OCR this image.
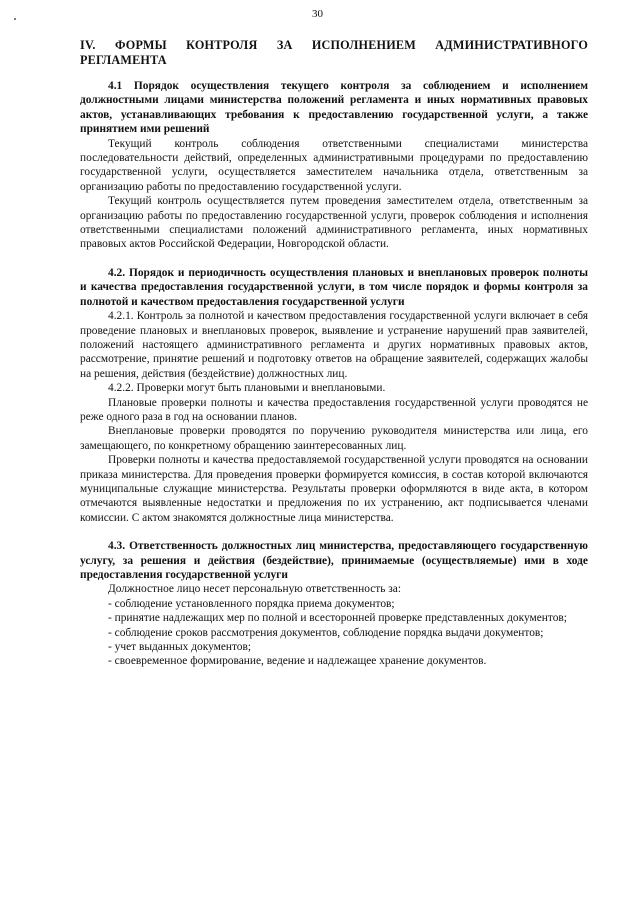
30

IV. ФОРМЫ КОНТРОЛЯ ЗА ИСПОЛНЕНИЕМ АДМИНИСТРАТИВНОГО РЕГЛАМЕНТА

4.1 Порядок осуществления текущего контроля за соблюдением и исполнением должностными лицами министерства положений регламента и иных нормативных правовых актов, устанавливающих требования к предоставлению государственной услуги, а также принятием ими решений

Текущий контроль соблюдения ответственными специалистами министерства последовательности действий, определенных административными процедурами по предоставлению государственной услуги, осуществляется заместителем начальника отдела, ответственным за организацию работы по предоставлению государственной услуги.

Текущий контроль осуществляется путем проведения заместителем отдела, ответственным за организацию работы по предоставлению государственной услуги, проверок соблюдения и исполнения ответственными специалистами положений административного регламента, иных нормативных правовых актов Российской Федерации, Новгородской области.

4.2. Порядок и периодичность осуществления плановых и внеплановых проверок полноты и качества предоставления государственной услуги, в том числе порядок и формы контроля за полнотой и качеством предоставления государственной услуги

4.2.1. Контроль за полнотой и качеством предоставления государственной услуги включает в себя проведение плановых и внеплановых проверок, выявление и устранение нарушений прав заявителей, положений настоящего административного регламента и других нормативных правовых актов, рассмотрение, принятие решений и подготовку ответов на обращение заявителей, содержащих жалобы на решения, действия (бездействие) должностных лиц.

4.2.2. Проверки могут быть плановыми и внеплановыми.

Плановые проверки полноты и качества предоставления государственной услуги проводятся не реже одного раза в год на основании планов.

Внеплановые проверки проводятся по поручению руководителя министерства или лица, его замещающего, по конкретному обращению заинтересованных лиц.

Проверки полноты и качества предоставляемой государственной услуги проводятся на основании приказа министерства. Для проведения проверки формируется комиссия, в состав которой включаются муниципальные служащие министерства. Результаты проверки оформляются в виде акта, в котором отмечаются выявленные недостатки и предложения по их устранению, акт подписывается членами комиссии. С актом знакомятся должностные лица министерства.

4.3. Ответственность должностных лиц министерства, предоставляющего государственную услугу, за решения и действия (бездействие), принимаемые (осуществляемые) ими в ходе предоставления государственной услуги

Должностное лицо несет персональную ответственность за:

- соблюдение установленного порядка приема документов;

- принятие надлежащих мер по полной и всесторонней проверке представленных документов;

- соблюдение сроков рассмотрения документов, соблюдение порядка выдачи документов;

- учет выданных документов;

- своевременное формирование, ведение и надлежащее хранение документов.
